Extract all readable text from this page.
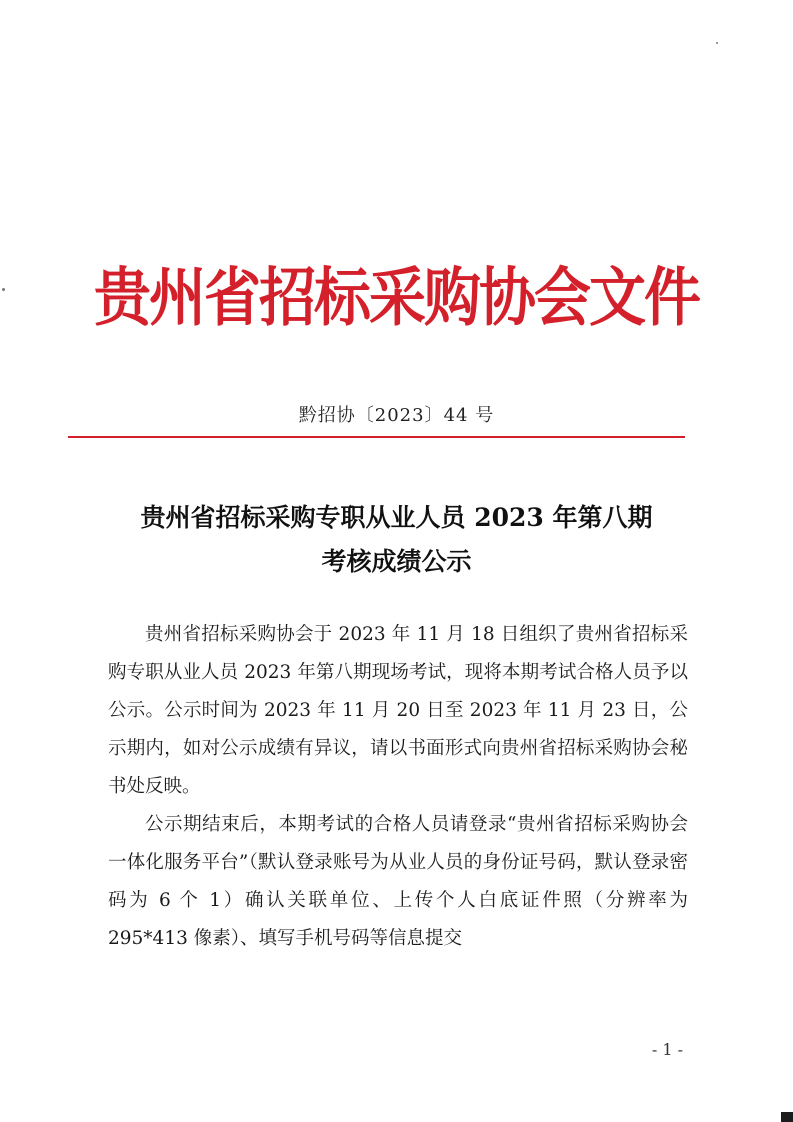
贵州省招标采购协会文件
黔招协〔2023〕44 号
贵州省招标采购专职从业人员 2023 年第八期
考核成绩公示

贵州省招标采购协会于 2023 年 11 月 18 日组织了贵州省招标采购专职从业人员 2023 年第八期现场考试，现将本期考试合格人员予以公示。公示时间为 2023 年 11 月 20 日至 2023 年 11 月 23 日，公示期内，如对公示成绩有异议，请以书面形式向贵州省招标采购协会秘书处反映。

公示期结束后，本期考试的合格人员请登录“贵州省招标采购协会一体化服务平台”（默认登录账号为从业人员的身份证号码，默认登录密码为 6 个 1）确认关联单位、上传个人白底证件照（分辨率为 295*413 像素）、填写手机号码等信息提交

- 1 -
